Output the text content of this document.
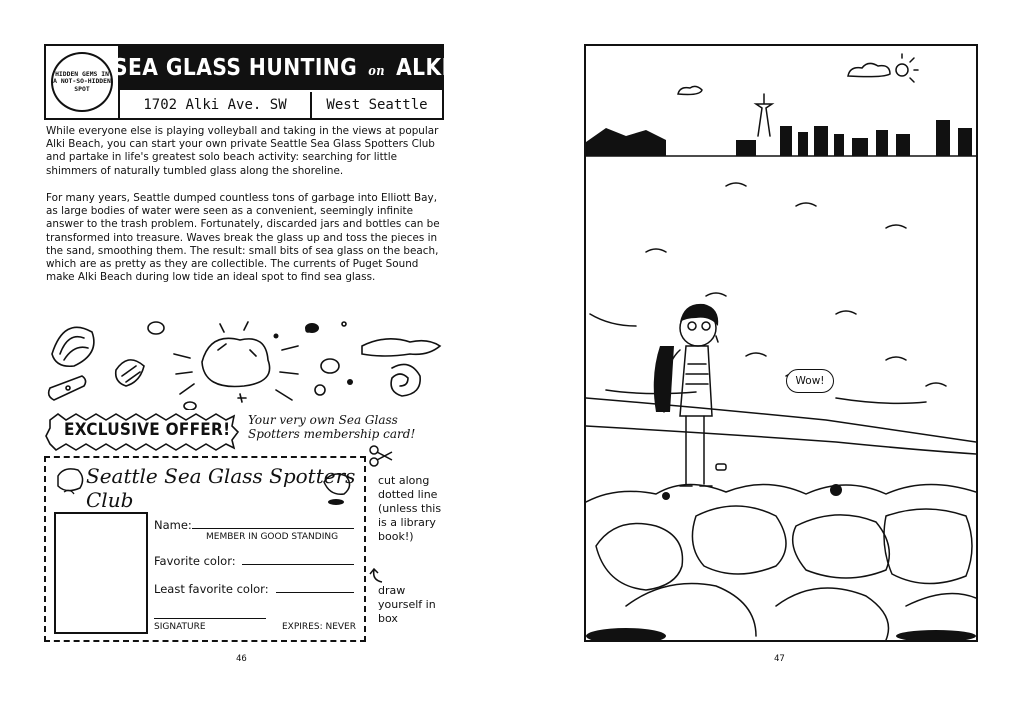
HIDDEN GEMS IN A NOT-SO-HIDDEN SPOT
SEA GLASS HUNTING on ALKI
1702 Alki Ave. SW	West Seattle
While everyone else is playing volleyball and taking in the views at popular Alki Beach, you can start your own private Seattle Sea Glass Spotters Club and partake in life's greatest solo beach activity: searching for little shimmers of naturally tumbled glass along the shoreline.
For many years, Seattle dumped countless tons of garbage into Elliott Bay, as large bodies of water were seen as a convenient, seemingly infinite answer to the trash problem. Fortunately, discarded jars and bottles can be transformed into treasure. Waves break the glass up and toss the pieces in the sand, smoothing them. The result: small bits of sea glass on the beach, which are as pretty as they are collectible. The currents of Puget Sound make Alki Beach during low tide an ideal spot to find sea glass.
EXCLUSIVE OFFER! Your very own Sea Glass Spotters membership card!
Seattle Sea Glass Spotters Club
Name:
MEMBER IN GOOD STANDING
Favorite color:
Least favorite color:
SIGNATURE	EXPIRES: NEVER
cut along dotted line (unless this is a library book!)
draw yourself in box
46
Wow!
47
